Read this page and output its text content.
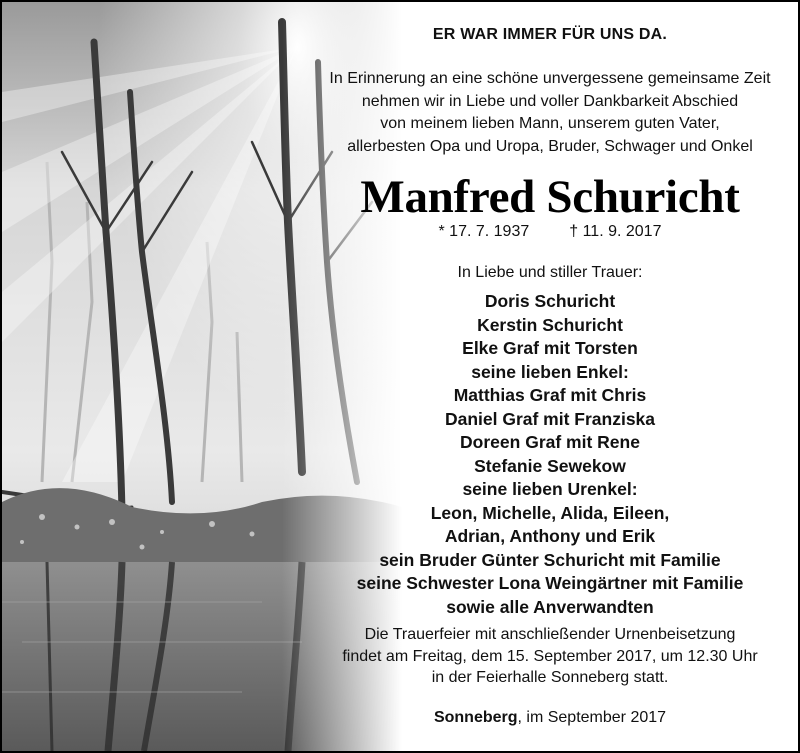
ER WAR IMMER FÜR UNS DA.
In Erinnerung an eine schöne unvergessene gemeinsame Zeit
nehmen wir in Liebe und voller Dankbarkeit Abschied
von meinem lieben Mann, unserem guten Vater,
allerbesten Opa und Uropa, Bruder, Schwager und Onkel
Manfred Schuricht
* 17. 7. 1937	† 11. 9. 2017
In Liebe und stiller Trauer:
Doris Schuricht
Kerstin Schuricht
Elke Graf mit Torsten
seine lieben Enkel:
Matthias Graf mit Chris
Daniel Graf mit Franziska
Doreen Graf mit Rene
Stefanie Sewekow
seine lieben Urenkel:
Leon, Michelle, Alida, Eileen,
Adrian, Anthony und Erik
sein Bruder Günter Schuricht mit Familie
seine Schwester Lona Weingärtner mit Familie
sowie alle Anverwandten
Die Trauerfeier mit anschließender Urnenbeisetzung
findet am Freitag, dem 15. September 2017, um 12.30 Uhr
in der Feierhalle Sonneberg statt.
Sonneberg, im September 2017
